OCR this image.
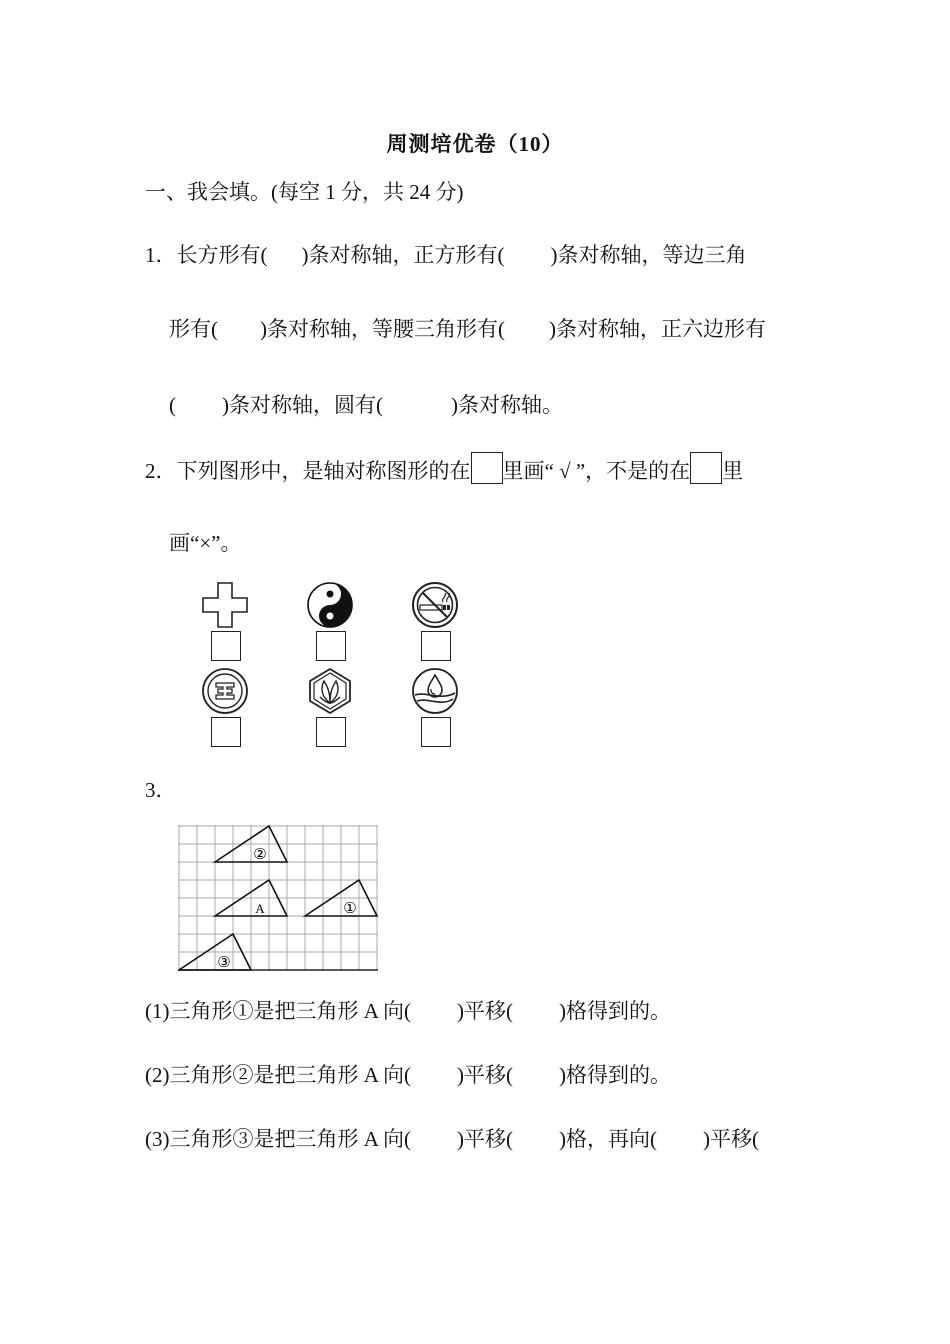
周测培优卷（10）
一、我会填。(每空 1 分，共 24 分)
1．长方形有( )条对称轴，正方形有( )条对称轴，等边三角
形有( )条对称轴，等腰三角形有( )条对称轴，正六边形有
( )条对称轴，圆有(	)条对称轴。
2．下列图形中，是轴对称图形的在 里画“ √ ”，不是的在 里
画“×”。
3．
②
A	①
③
(1)三角形①是把三角形 A 向( )平移( )格得到的。
(2)三角形②是把三角形 A 向( )平移( )格得到的。
(3)三角形③是把三角形 A 向( )平移( )格，再向( )平移(
